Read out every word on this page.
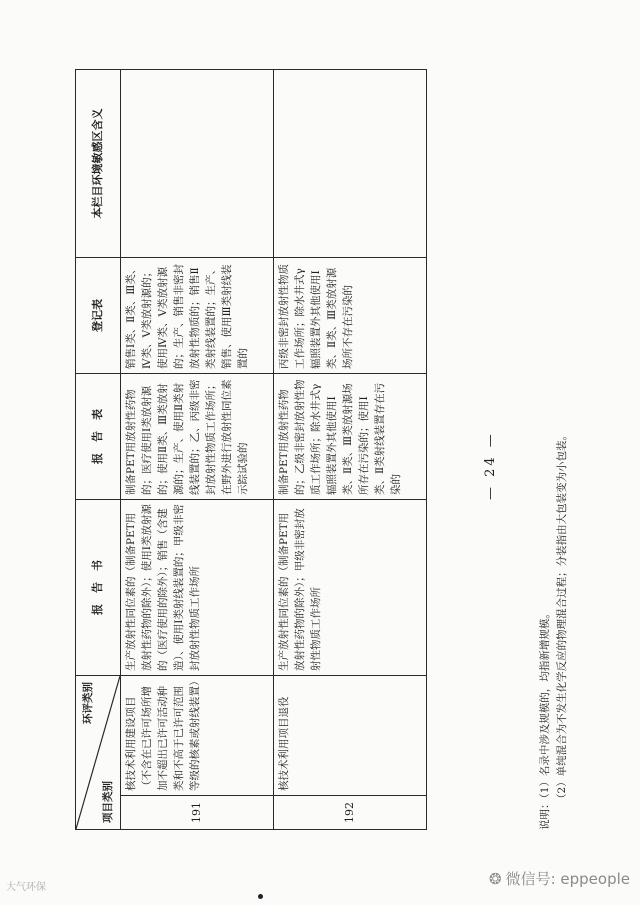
环评类别
项目类别		报　告　书	报　告　表	登记表	本栏目环境敏感区含义
191	核技术利用建设项目（不含在已许可场所增加不超出已许可活动种类和不高于已许可范围等级的核素或射线装置）	生产放射性同位素的（制备PET用放射性药物的除外）；使用Ⅰ类放射源的（医疗使用的除外）；销售（含建造）、使用Ⅰ类射线装置的；甲级非密封放射性物质工作场所	制备PET用放射性药物的；医疗使用Ⅰ类放射源的；使用Ⅱ类、Ⅲ类放射源的；生产、使用Ⅱ类射线装置的；乙、丙级非密封放射性物质工作场所；在野外进行放射性同位素示踪试验的	销售Ⅰ类、Ⅱ类、Ⅲ类、Ⅳ类、Ⅴ类放射源的；使用Ⅳ类、Ⅴ类放射源的；生产、销售非密封放射性物质的；销售Ⅱ类射线装置的；生产、销售、使用Ⅲ类射线装置的	
192	核技术利用项目退役	生产放射性同位素的（制备PET用放射性药物的除外）；甲级非密封放射性物质工作场所	制备PET用放射性药物的；乙级非密封放射性物质工作场所；除水井式γ辐照装置外其他使用Ⅰ类、Ⅱ类、Ⅲ类放射源场所存在污染的；使用Ⅰ类、Ⅱ类射线装置存在污染的	丙级非密封放射性物质工作场所；除水井式γ辐照装置外其他使用Ⅰ类、Ⅱ类、Ⅲ类放射源场所不存在污染的	
— 24 —
说明：（1）名录中涉及规模的，均指新增规模。 （2）单纯混合为不发生化学反应的物理混合过程；分装指由大包装变为小包装。
大气环保	❂ 微信号: eppeople
